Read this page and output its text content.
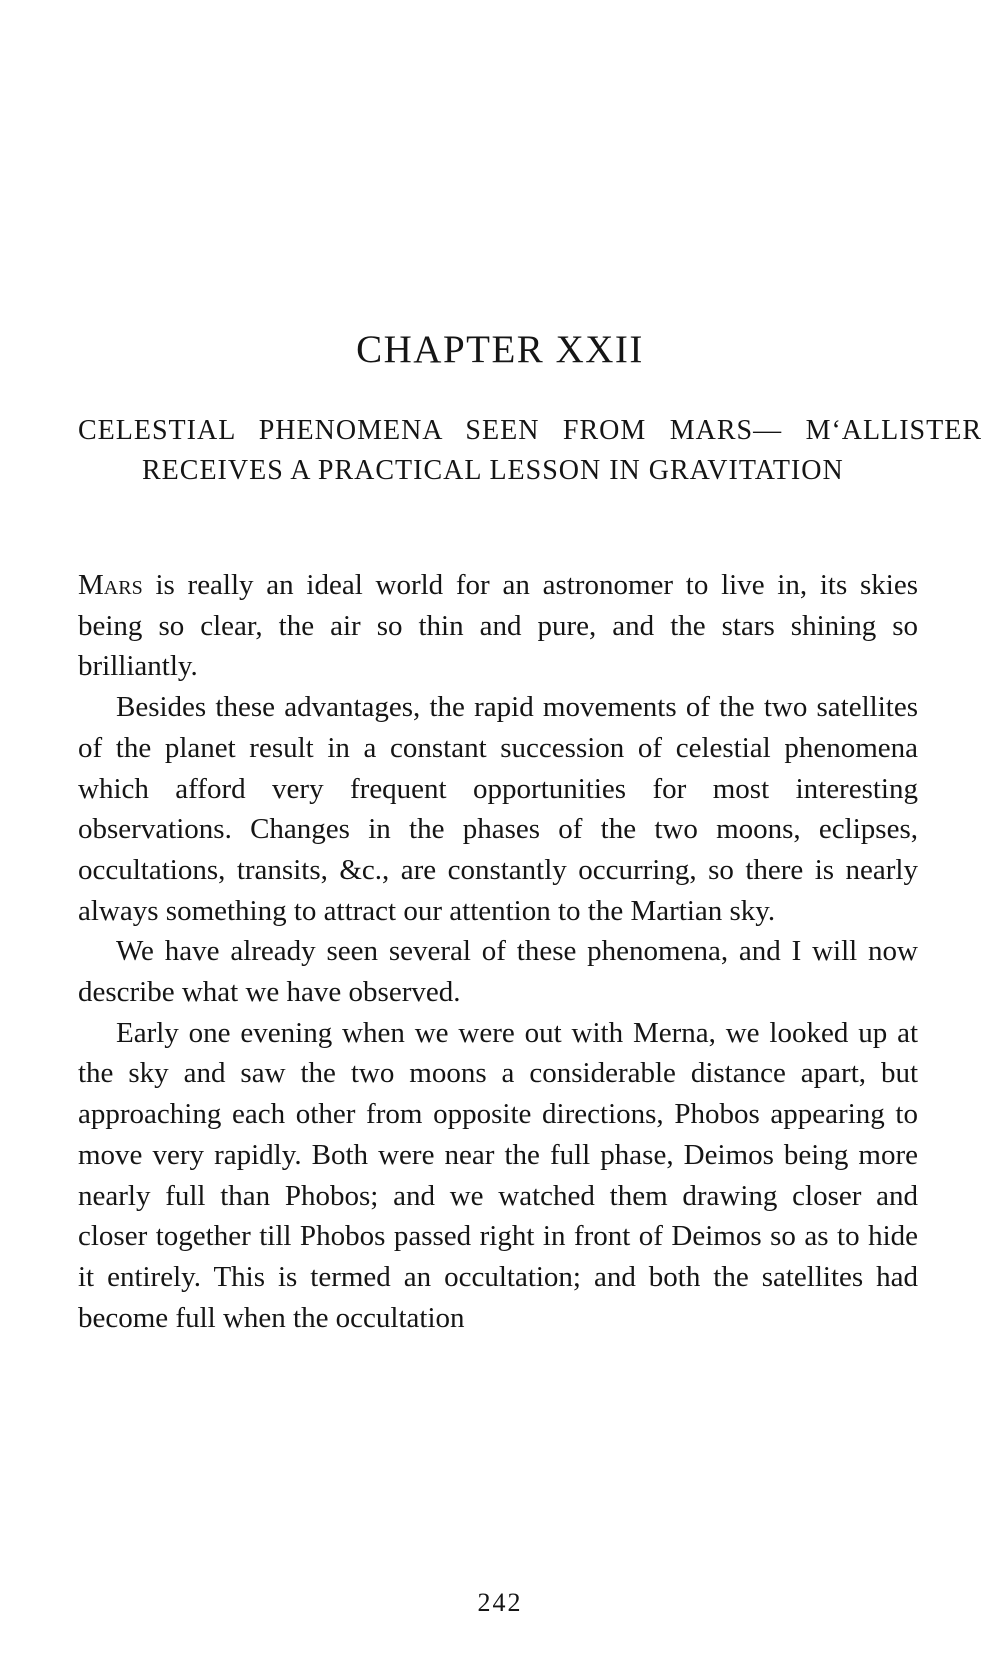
CHAPTER XXII
CELESTIAL PHENOMENA SEEN FROM MARS— M‘ALLISTER RECEIVES A PRACTICAL LESSON IN GRAVITATION

Mars is really an ideal world for an astronomer to live in, its skies being so clear, the air so thin and pure, and the stars shining so brilliantly.

Besides these advantages, the rapid movements of the two satellites of the planet result in a constant succession of celestial phenomena which afford very frequent opportunities for most interesting observations. Changes in the phases of the two moons, eclipses, occultations, transits, &c., are constantly occurring, so there is nearly always something to attract our attention to the Martian sky.

We have already seen several of these phenomena, and I will now describe what we have observed.

Early one evening when we were out with Merna, we looked up at the sky and saw the two moons a considerable distance apart, but approaching each other from opposite directions, Phobos appearing to move very rapidly. Both were near the full phase, Deimos being more nearly full than Phobos; and we watched them drawing closer and closer together till Phobos passed right in front of Deimos so as to hide it entirely. This is termed an occultation; and both the satellites had become full when the occultation

242
